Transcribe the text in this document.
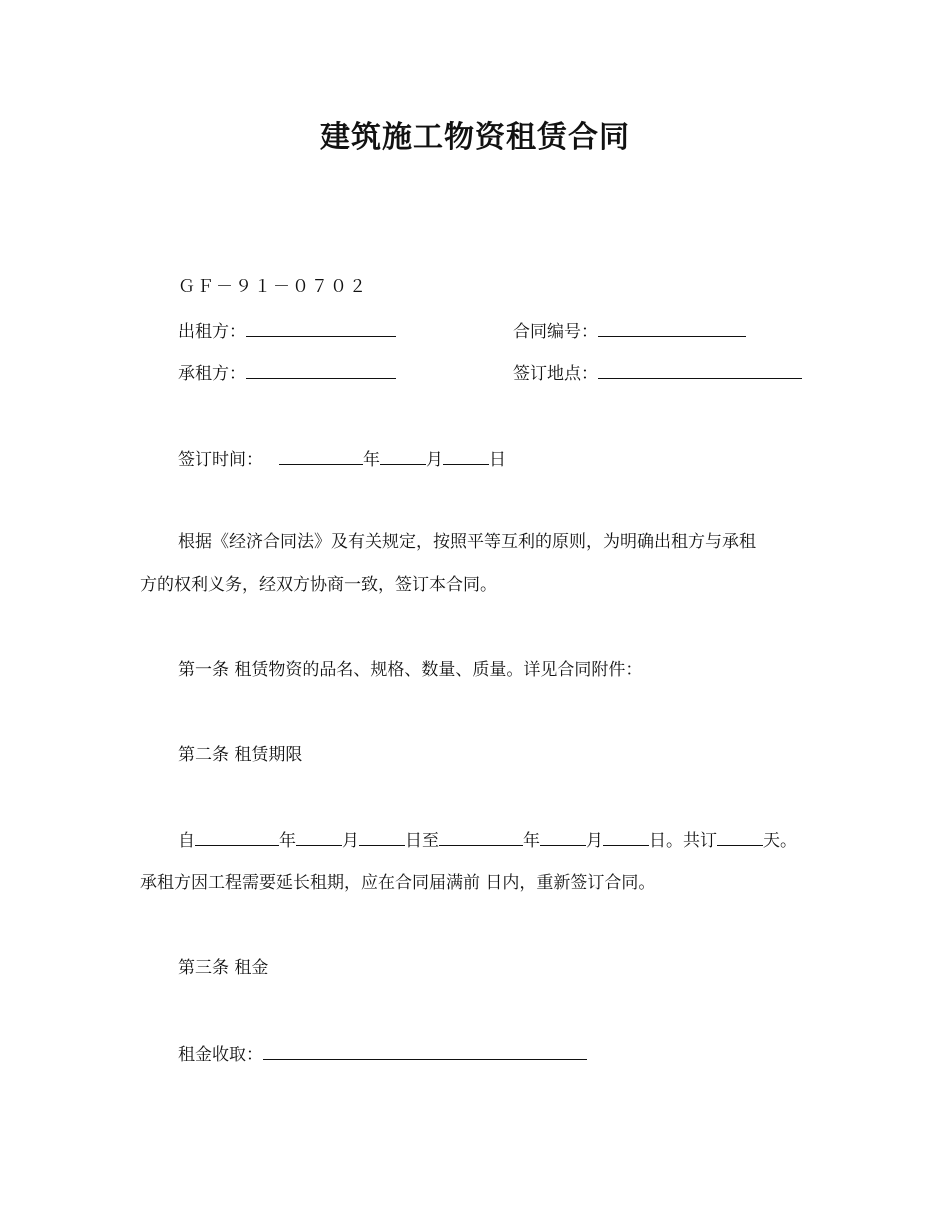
建筑施工物资租赁合同
ＧＦ－９１－０７０２
出租方：	合同编号：
承租方：	签订地点：
签订时间：	年	月	日
根据《经济合同法》及有关规定，按照平等互利的原则，为明确出租方与承租
方的权利义务，经双方协商一致，签订本合同。
第一条 租赁物资的品名、规格、数量、质量。详见合同附件：
第二条 租赁期限
自	年	月	日至	年	月	日。共订	天。
承租方因工程需要延长租期，应在合同届满前 日内，重新签订合同。
第三条 租金
租金收取：
